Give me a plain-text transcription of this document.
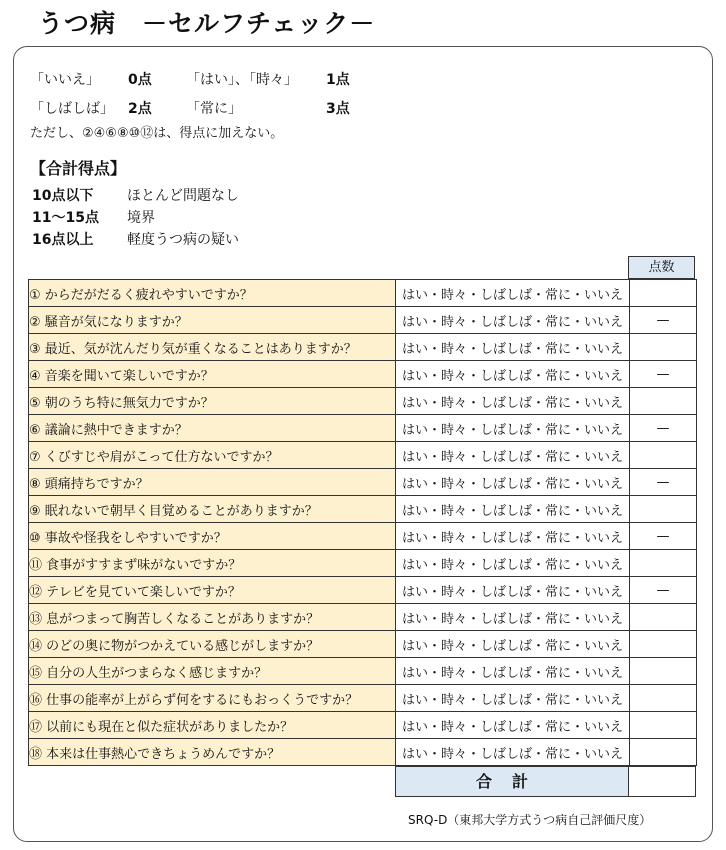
うつ病　－セルフチェック－
「いいえ」	0点	「はい」、「時々」	1点
「しばしば」	2点	「常に」	3点
ただし、②④⑥⑧⑩⑫は、得点に加えない。
【合計得点】
10点以下	ほとんど問題なし
11～15点	境界
16点以上	軽度うつ病の疑い
点数
① からだがだるく疲れやすいですか？	はい・時々・しばしば・常に・いいえ	
② 騒音が気になりますか？	はい・時々・しばしば・常に・いいえ	—
③ 最近、気が沈んだり気が重くなることはありますか？	はい・時々・しばしば・常に・いいえ	
④ 音楽を聞いて楽しいですか？	はい・時々・しばしば・常に・いいえ	—
⑤ 朝のうち特に無気力ですか？	はい・時々・しばしば・常に・いいえ	
⑥ 議論に熱中できますか？	はい・時々・しばしば・常に・いいえ	—
⑦ くびすじや肩がこって仕方ないですか？	はい・時々・しばしば・常に・いいえ	
⑧ 頭痛持ちですか？	はい・時々・しばしば・常に・いいえ	—
⑨ 眠れないで朝早く目覚めることがありますか？	はい・時々・しばしば・常に・いいえ	
⑩ 事故や怪我をしやすいですか？	はい・時々・しばしば・常に・いいえ	—
⑪ 食事がすすまず味がないですか？	はい・時々・しばしば・常に・いいえ	
⑫ テレビを見ていて楽しいですか？	はい・時々・しばしば・常に・いいえ	—
⑬ 息がつまって胸苦しくなることがありますか？	はい・時々・しばしば・常に・いいえ	
⑭ のどの奥に物がつかえている感じがしますか？	はい・時々・しばしば・常に・いいえ	
⑮ 自分の人生がつまらなく感じますか？	はい・時々・しばしば・常に・いいえ	
⑯ 仕事の能率が上がらず何をするにもおっくうですか？	はい・時々・しばしば・常に・いいえ	
⑰ 以前にも現在と似た症状がありましたか？	はい・時々・しばしば・常に・いいえ	
⑱ 本来は仕事熱心できちょうめんですか？	はい・時々・しばしば・常に・いいえ	
合計
SRQ-D（東邦大学方式うつ病自己評価尺度）
